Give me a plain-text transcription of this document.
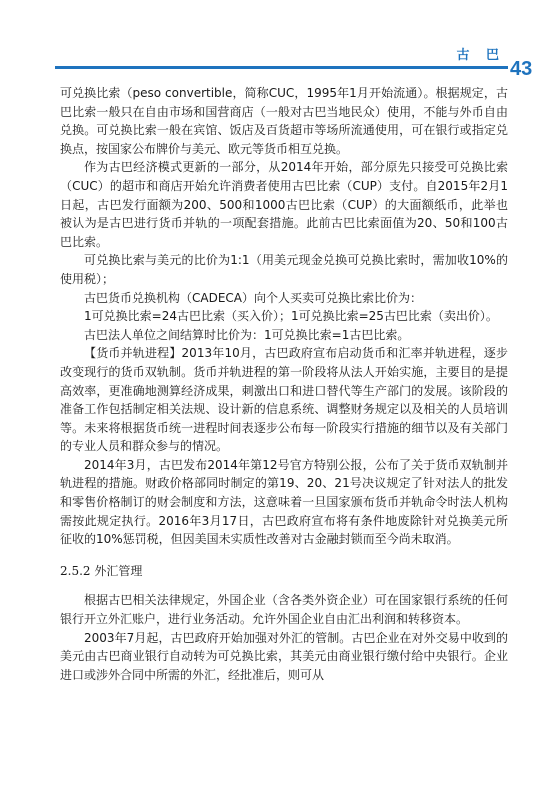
古 巴
43

可兑换比索（peso convertible，简称CUC，1995年1月开始流通）。根据规定，古巴比索一般只在自由市场和国营商店（一般对古巴当地民众）使用，不能与外币自由兑换。可兑换比索一般在宾馆、饭店及百货超市等场所流通使用，可在银行或指定兑换点，按国家公布牌价与美元、欧元等货币相互兑换。

作为古巴经济模式更新的一部分，从2014年开始，部分原先只接受可兑换比索（CUC）的超市和商店开始允许消费者使用古巴比索（CUP）支付。自2015年2月1日起，古巴发行面额为200、500和1000古巴比索（CUP）的大面额纸币，此举也被认为是古巴进行货币并轨的一项配套措施。此前古巴比索面值为20、50和100古巴比索。

可兑换比索与美元的比价为1:1（用美元现金兑换可兑换比索时，需加收10%的使用税）；

古巴货币兑换机构（CADECA）向个人买卖可兑换比索比价为：

1可兑换比索=24古巴比索（买入价）；1可兑换比索=25古巴比索（卖出价）。

古巴法人单位之间结算时比价为：1可兑换比索=1古巴比索。

【货币并轨进程】2013年10月，古巴政府宣布启动货币和汇率并轨进程，逐步改变现行的货币双轨制。货币并轨进程的第一阶段将从法人开始实施，主要目的是提高效率，更准确地测算经济成果，刺激出口和进口替代等生产部门的发展。该阶段的准备工作包括制定相关法规、设计新的信息系统、调整财务规定以及相关的人员培训等。未来将根据货币统一进程时间表逐步公布每一阶段实行措施的细节以及有关部门的专业人员和群众参与的情况。

2014年3月，古巴发布2014年第12号官方特别公报，公布了关于货币双轨制并轨进程的措施。财政价格部同时制定的第19、20、21号决议规定了针对法人的批发和零售价格制订的财会制度和方法，这意味着一旦国家颁布货币并轨命令时法人机构需按此规定执行。2016年3月17日，古巴政府宣布将有条件地废除针对兑换美元所征收的10%惩罚税，但因美国未实质性改善对古金融封锁而至今尚未取消。

2.5.2 外汇管理

根据古巴相关法律规定，外国企业（含各类外资企业）可在国家银行系统的任何银行开立外汇账户，进行业务活动。允许外国企业自由汇出利润和转移资本。

2003年7月起，古巴政府开始加强对外汇的管制。古巴企业在对外交易中收到的美元由古巴商业银行自动转为可兑换比索，其美元由商业银行缴付给中央银行。企业进口或涉外合同中所需的外汇，经批准后，则可从
